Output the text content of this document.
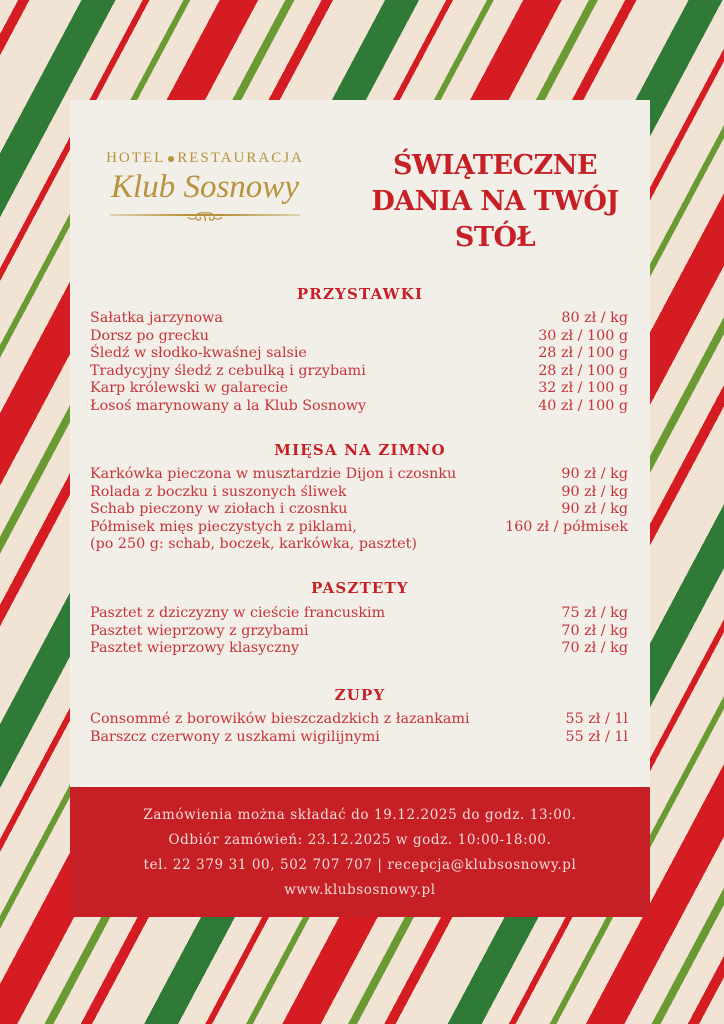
HOTEL RESTAURACJA
Klub Sosnowy
ŚWIĄTECZNE
DANIA NA TWÓJ
STÓŁ
PRZYSTAWKI
Sałatka jarzynowa	80 zł / kg
Dorsz po grecku	30 zł / 100 g
Śledź w słodko-kwaśnej salsie	28 zł / 100 g
Tradycyjny śledź z cebulką i grzybami	28 zł / 100 g
Karp królewski w galarecie	32 zł / 100 g
Łosoś marynowany a la Klub Sosnowy	40 zł / 100 g
MIĘSA NA ZIMNO
Karkówka pieczona w musztardzie Dijon i czosnku	90 zł / kg
Rolada z boczku i suszonych śliwek	90 zł / kg
Schab pieczony w ziołach i czosnku	90 zł / kg
Półmisek mięs pieczystych z piklami,	160 zł / półmisek
(po 250 g: schab, boczek, karkówka, pasztet)
PASZTETY
Pasztet z dziczyzny w cieście francuskim	75 zł / kg
Pasztet wieprzowy z grzybami	70 zł / kg
Pasztet wieprzowy klasyczny	70 zł / kg
ZUPY
Consommé z borowików bieszczadzkich z łazankami	55 zł / 1l
Barszcz czerwony z uszkami wigilijnymi	55 zł / 1l
Zamówienia można składać do 19.12.2025 do godz. 13:00.
Odbiór zamówień: 23.12.2025 w godz. 10:00-18:00.
tel. 22 379 31 00, 502 707 707 | recepcja@klubsosnowy.pl
www.klubsosnowy.pl
